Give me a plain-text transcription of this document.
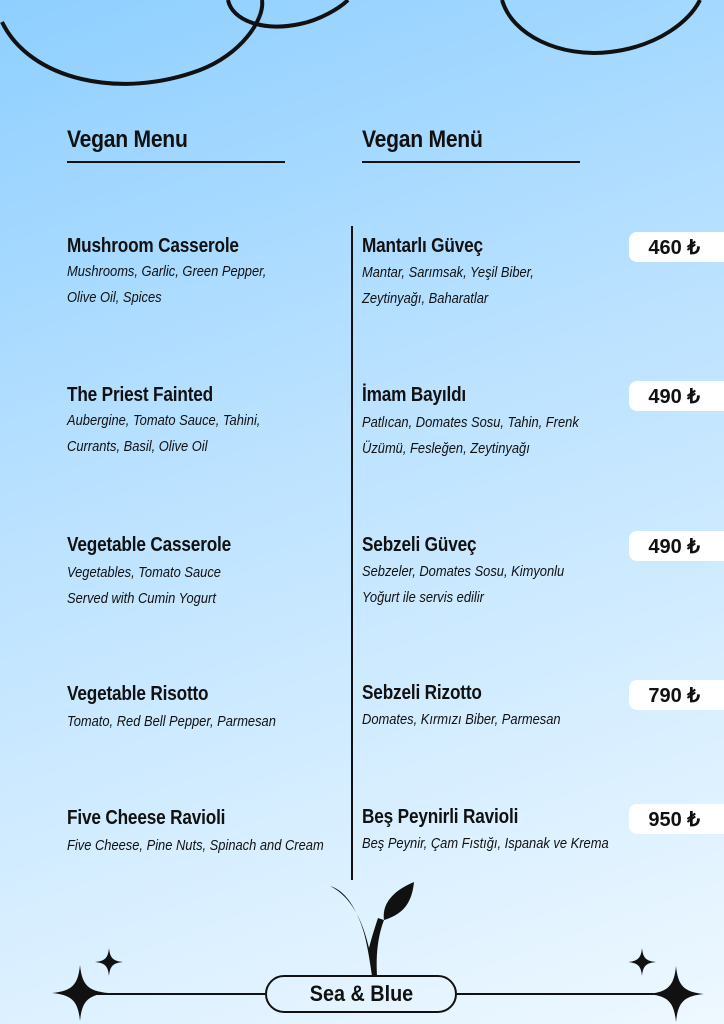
Vegan Menu	Vegan Menü
Mushroom Casserole
Mushrooms, Garlic, Green Pepper, Olive Oil, Spices
Mantarlı Güveç
Mantar, Sarımsak, Yeşil Biber, Zeytinyağı, Baharatlar
460 ₺
The Priest Fainted
Aubergine, Tomato Sauce, Tahini, Currants, Basil, Olive Oil
İmam Bayıldı
Patlıcan, Domates Sosu, Tahin, Frenk Üzümü, Fesleğen, Zeytinyağı
490 ₺
Vegetable Casserole
Vegetables, Tomato Sauce Served with Cumin Yogurt
Sebzeli Güveç
Sebzeler, Domates Sosu, Kimyonlu Yoğurt ile servis edilir
490 ₺
Vegetable Risotto
Tomato, Red Bell Pepper, Parmesan
Sebzeli Rizotto
Domates, Kırmızı Biber, Parmesan
790 ₺
Five Cheese Ravioli
Five Cheese, Pine Nuts, Spinach and Cream
Beş Peynirli Ravioli
Beş Peynir, Çam Fıstığı, Ispanak ve Krema
950 ₺
Sea & Blue
